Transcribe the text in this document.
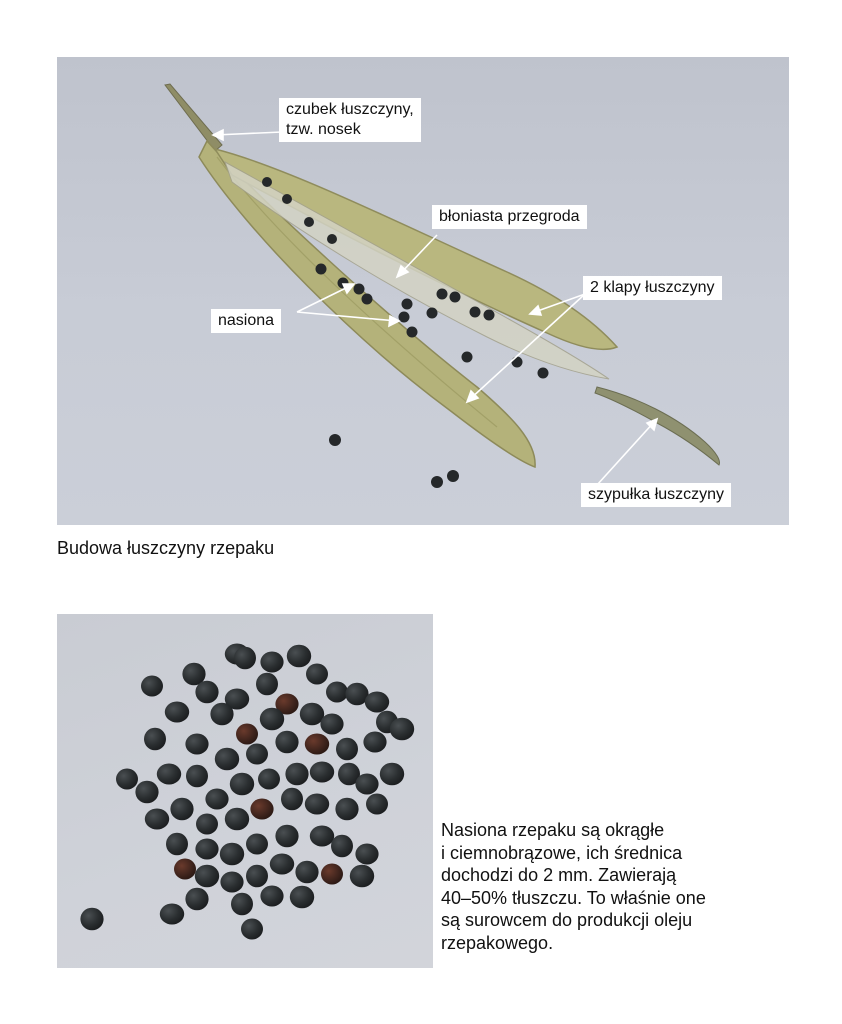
czubek łuszczyny,
tzw. nosek
błoniasta przegroda
2 klapy łuszczyny
nasiona
szypułka łuszczyny
Budowa łuszczyny rzepaku
Nasiona rzepaku są okrągłe
i ciemnobrązowe, ich średnica
dochodzi do 2 mm. Zawierają
40–50% tłuszczu. To właśnie one
są surowcem do produkcji oleju
rzepakowego.
